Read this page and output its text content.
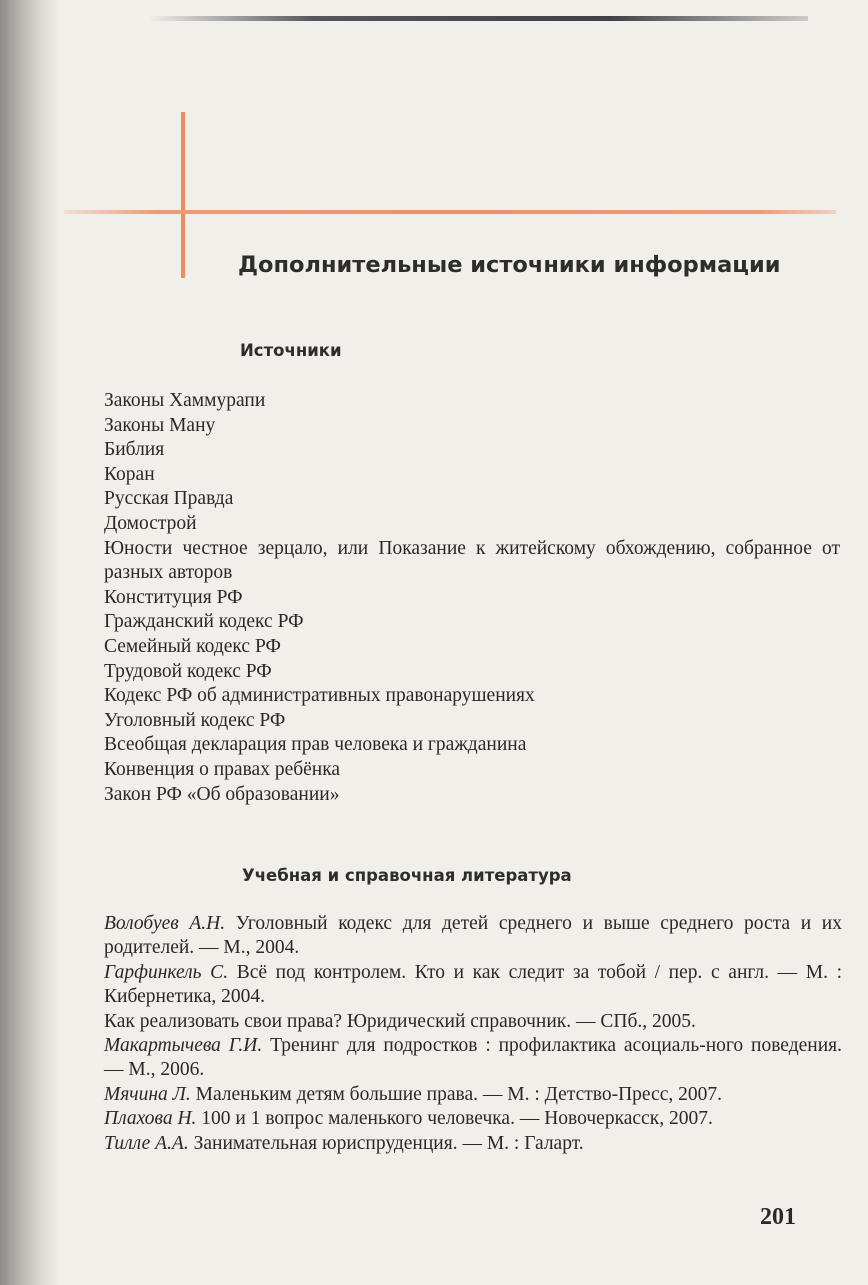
Дополнительные источники информации
Источники
Законы Хаммурапи
Законы Ману
Библия
Коран
Русская Правда
Домострой
Юности честное зерцало, или Показание к житейскому обхождению, собранное от разных авторов
Конституция РФ
Гражданский кодекс РФ
Семейный кодекс РФ
Трудовой кодекс РФ
Кодекс РФ об административных правонарушениях
Уголовный кодекс РФ
Всеобщая декларация прав человека и гражданина
Конвенция о правах ребёнка
Закон РФ «Об образовании»
Учебная и справочная литература
Волобуев А.Н. Уголовный кодекс для детей среднего и выше среднего роста и их родителей. — М., 2004.
Гарфинкель С. Всё под контролем. Кто и как следит за тобой / пер. с англ. — М. : Кибернетика, 2004.
Как реализовать свои права? Юридический справочник. — СПб., 2005.
Макартычева Г.И. Тренинг для подростков : профилактика асоциаль-ного поведения. — М., 2006.
Мячина Л. Маленьким детям большие права. — М. : Детство-Пресс, 2007.
Плахова Н. 100 и 1 вопрос маленького человечка. — Новочеркасск, 2007.
Тилле А.А. Занимательная юриспруденция. — М. : Галарт.
201
